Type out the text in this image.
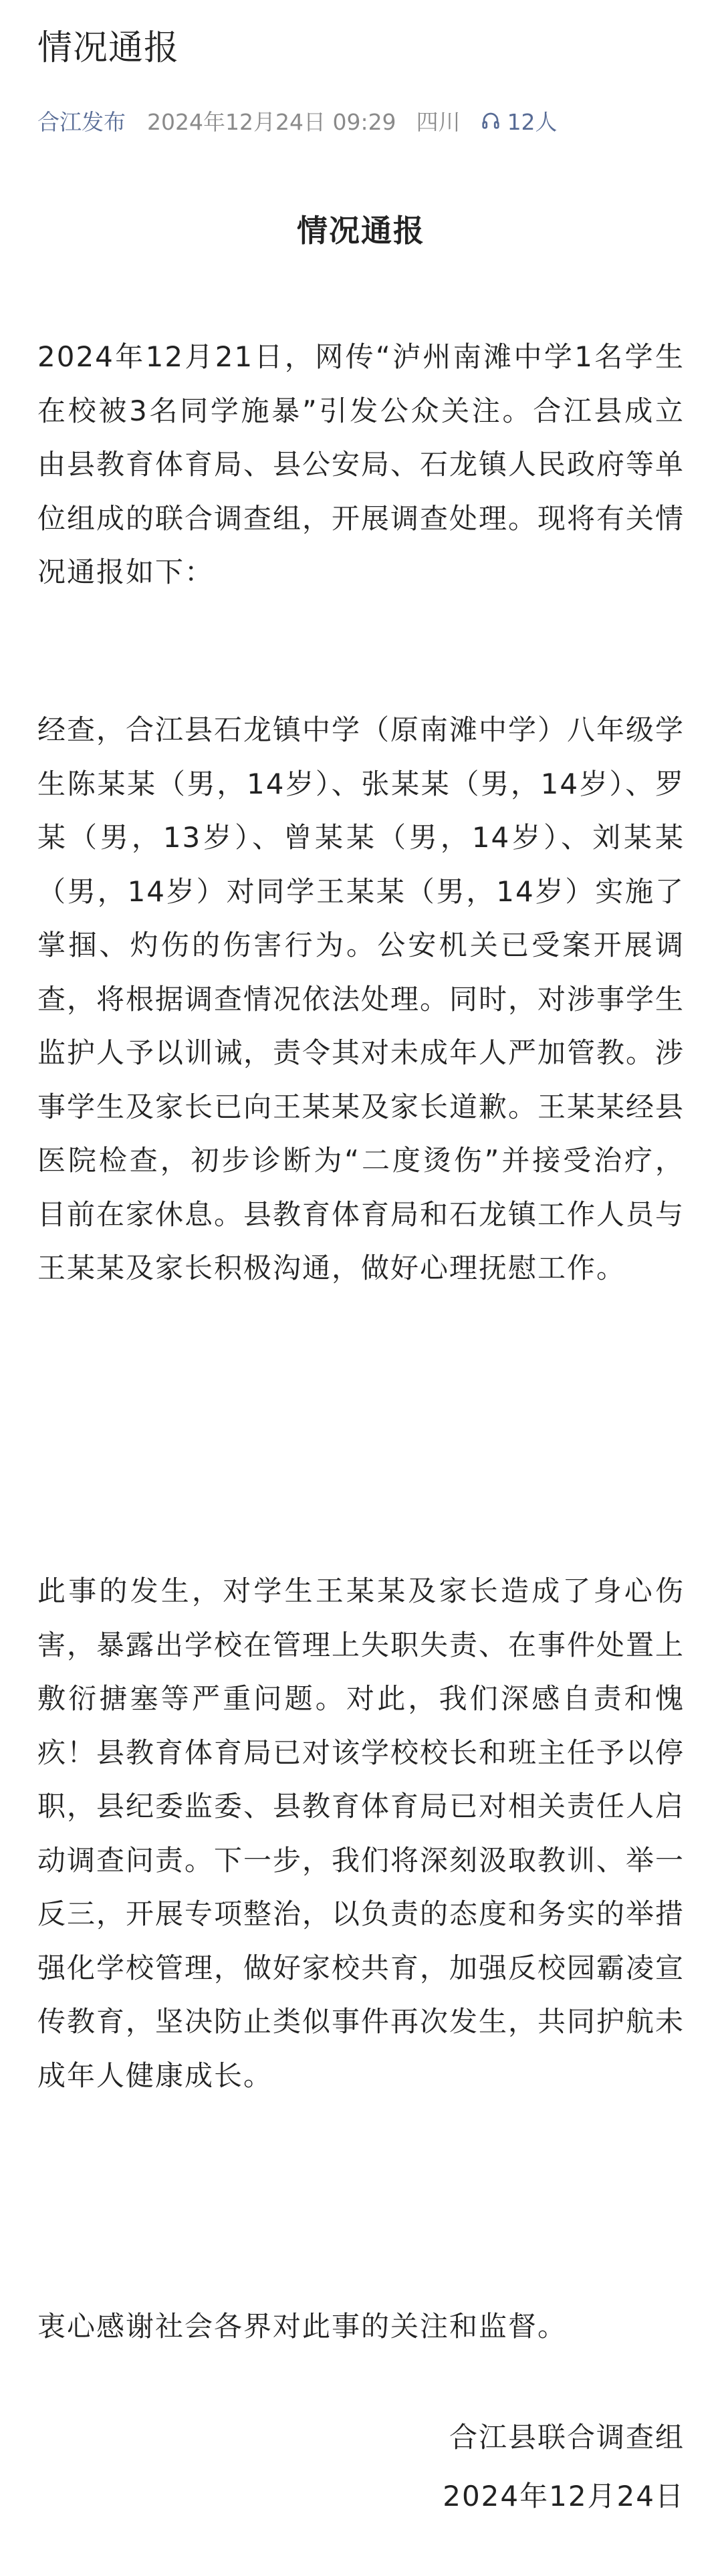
情况通报
合江发布 2024年12月24日 09:29 四川 12人
情况通报

2024年12月21日，网传“泸州南滩中学1名学生在校被3名同学施暴”引发公众关注。合江县成立由县教育体育局、县公安局、石龙镇人民政府等单位组成的联合调查组，开展调查处理。现将有关情况通报如下：

经查，合江县石龙镇中学（原南滩中学）八年级学生陈某某（男，14岁）、张某某（男，14岁）、罗某（男，13岁）、曾某某（男，14岁）、刘某某（男，14岁）对同学王某某（男，14岁）实施了掌掴、灼伤的伤害行为。公安机关已受案开展调查，将根据调查情况依法处理。同时，对涉事学生监护人予以训诫，责令其对未成年人严加管教。涉事学生及家长已向王某某及家长道歉。王某某经县医院检查，初步诊断为“二度烫伤”并接受治疗，目前在家休息。县教育体育局和石龙镇工作人员与王某某及家长积极沟通，做好心理抚慰工作。

此事的发生，对学生王某某及家长造成了身心伤害，暴露出学校在管理上失职失责、在事件处置上敷衍搪塞等严重问题。对此，我们深感自责和愧疚！县教育体育局已对该学校校长和班主任予以停职，县纪委监委、县教育体育局已对相关责任人启动调查问责。下一步，我们将深刻汲取教训、举一反三，开展专项整治，以负责的态度和务实的举措强化学校管理，做好家校共育，加强反校园霸凌宣传教育，坚决防止类似事件再次发生，共同护航未成年人健康成长。

衷心感谢社会各界对此事的关注和监督。

合江县联合调查组

2024年12月24日
